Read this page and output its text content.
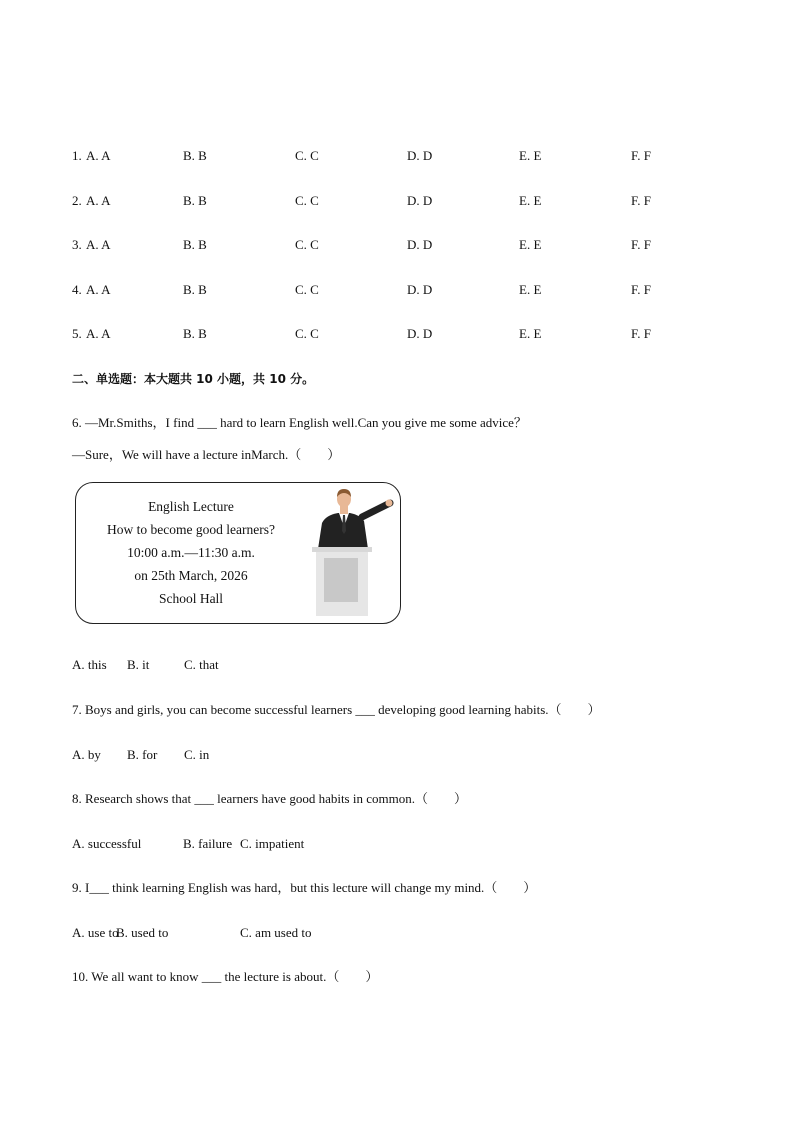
1. A. A	B. B	C. C	D. D	E. E	F. F
2. A. A	B. B	C. C	D. D	E. E	F. F
3. A. A	B. B	C. C	D. D	E. E	F. F
4. A. A	B. B	C. C	D. D	E. E	F. F
5. A. A	B. B	C. C	D. D	E. E	F. F
二、单选题：本大题共 10 小题，共 10 分。
6. —Mr.Smiths，I find ___ hard to learn English well.Can you give me some advice？
—Sure，We will have a lecture inMarch.（　　）
English Lecture
How to become good learners?
10:00 a.m.—11:30 a.m.
on 25th March, 2026
School Hall
A. this B. it	C. that
7. Boys and girls, you can become successful learners ___ developing good learning habits.（　　）
A. by B. for C. in
8. Research shows that ___ learners have good habits in common.（　　）
A. successful	B. failure C. impatient
9. I___ think learning English was hard，but this lecture will change my mind.（　　）
A. use to
B. used to	C. am used to
10. We all want to know ___ the lecture is about.（　　）
